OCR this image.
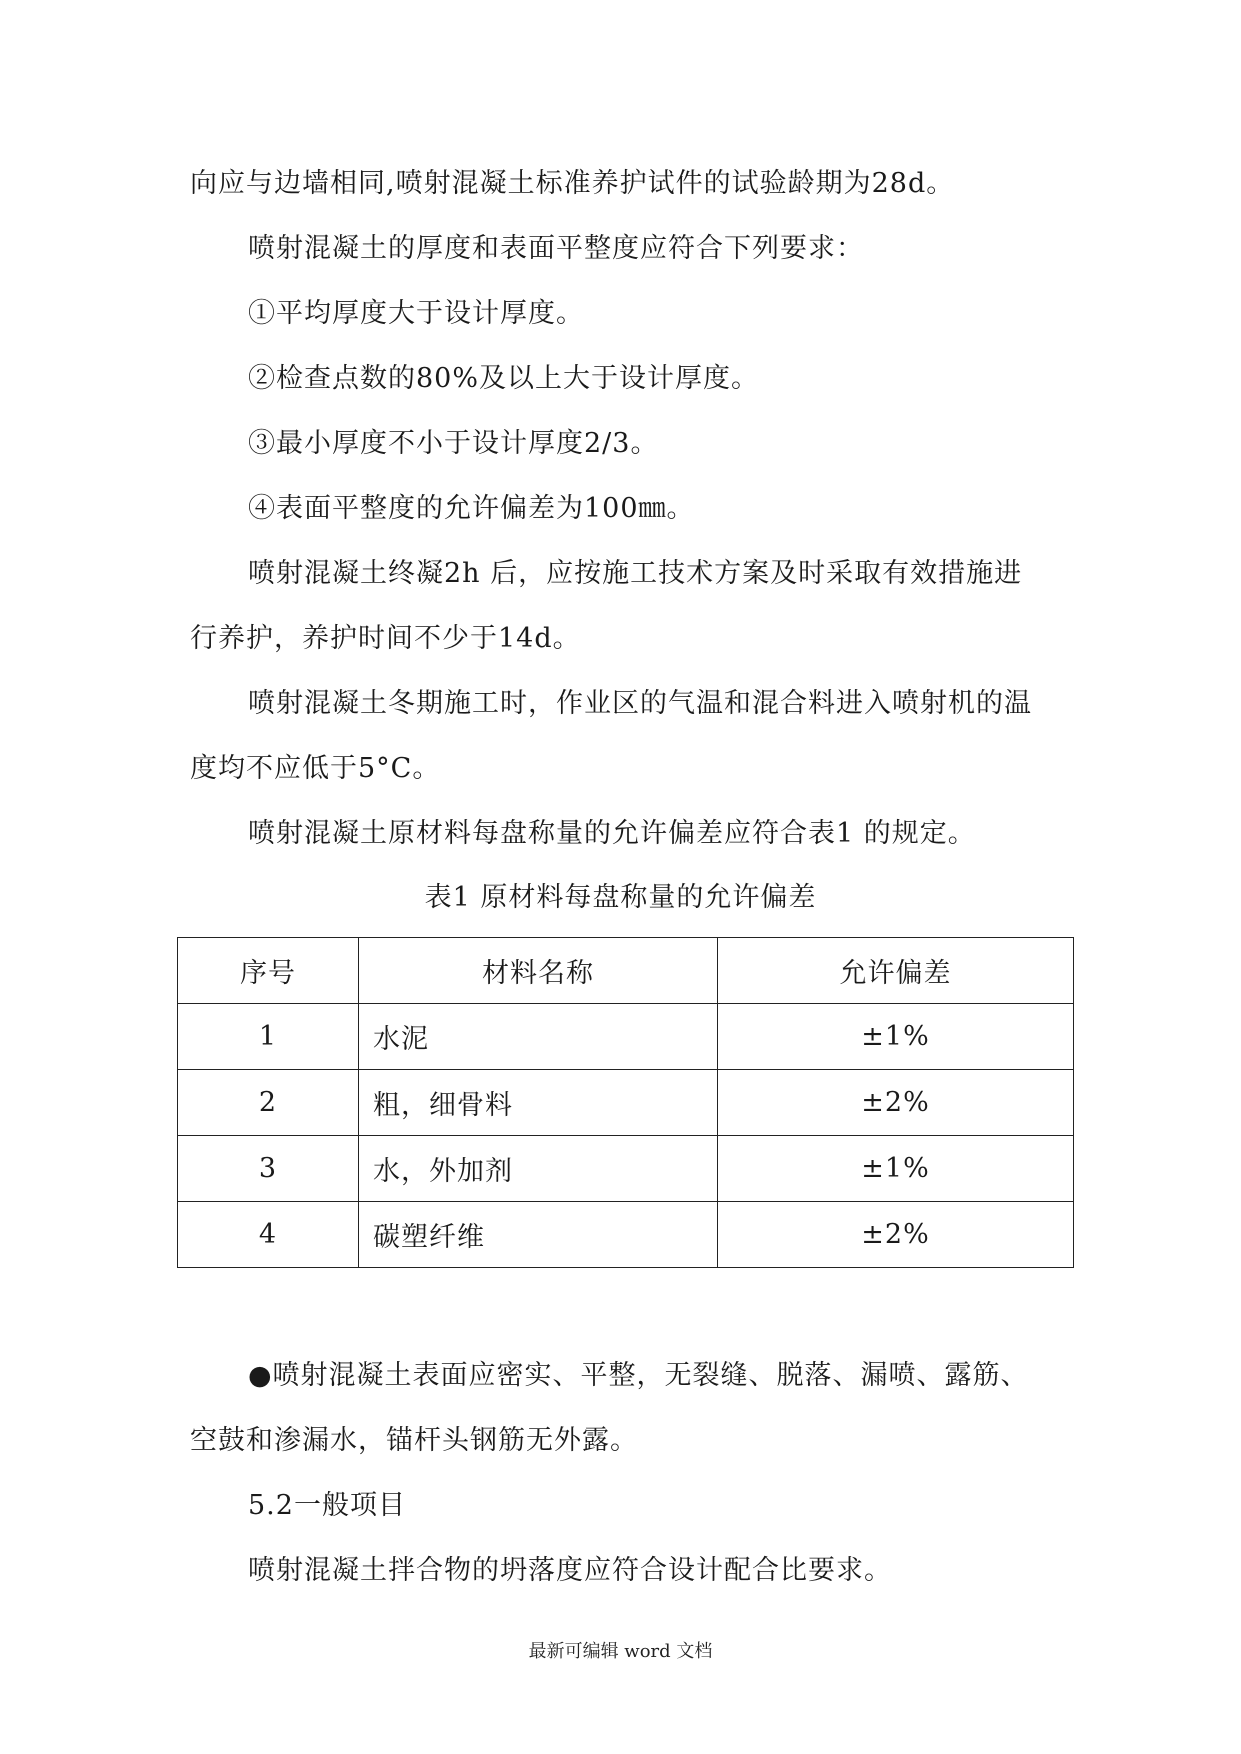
向应与边墙相同,喷射混凝土标准养护试件的试验龄期为28d。
喷射混凝土的厚度和表面平整度应符合下列要求：
①平均厚度大于设计厚度。
②检查点数的80%及以上大于设计厚度。
③最小厚度不小于设计厚度2/3。
④表面平整度的允许偏差为100㎜。
喷射混凝土终凝2h 后，应按施工技术方案及时采取有效措施进
行养护，养护时间不少于14d。
喷射混凝土冬期施工时，作业区的气温和混合料进入喷射机的温
度均不应低于5°C。
喷射混凝土原材料每盘称量的允许偏差应符合表1 的规定。
表1 原材料每盘称量的允许偏差
序号	材料名称	允许偏差
1	水泥	±1%
2	粗，细骨料	±2%
3	水，外加剂	±1%
4	碳塑纤维	±2%
●喷射混凝土表面应密实、平整，无裂缝、脱落、漏喷、露筋、
空鼓和渗漏水，锚杆头钢筋无外露。
5.2一般项目
喷射混凝土拌合物的坍落度应符合设计配合比要求。
最新可编辑 word 文档
